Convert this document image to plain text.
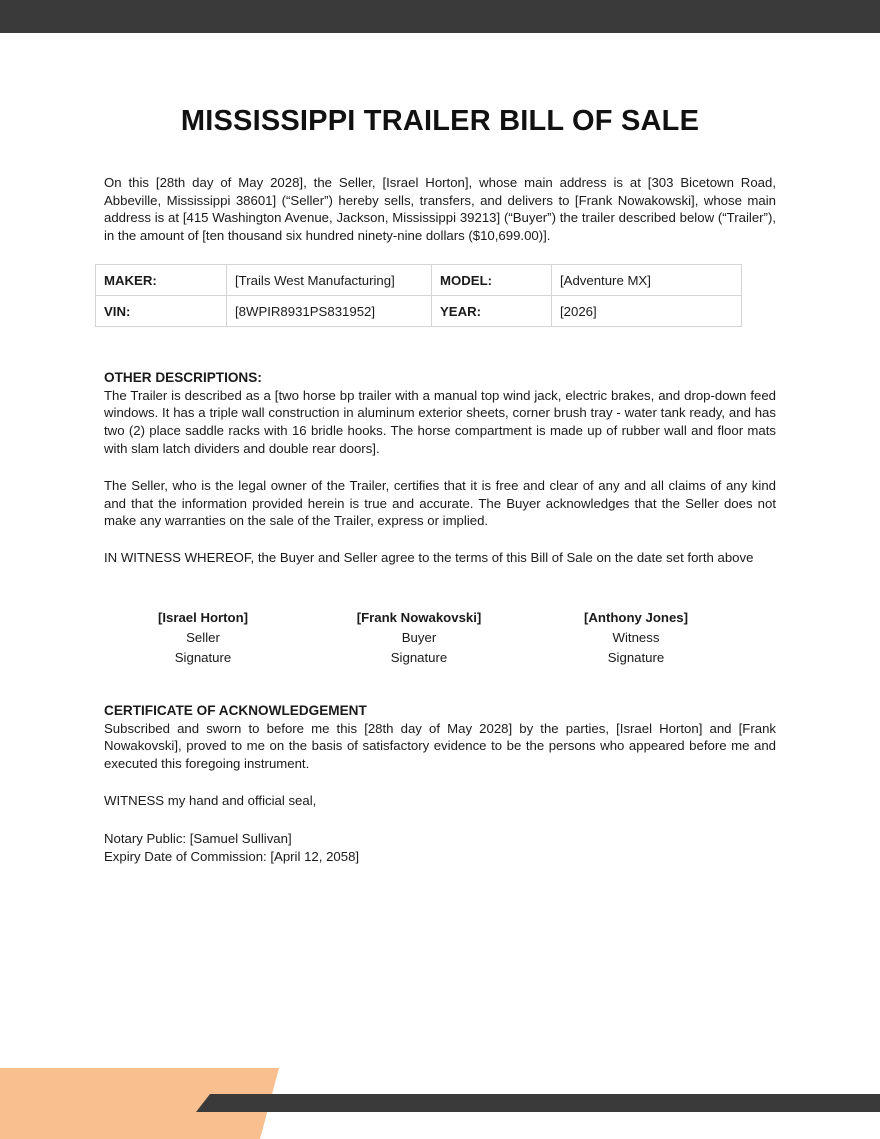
MISSISSIPPI TRAILER BILL OF SALE

On this [28th day of May 2028], the Seller, [Israel Horton], whose main address is at [303 Bicetown Road, Abbeville, Mississippi 38601] (“Seller”) hereby sells, transfers, and delivers to [Frank Nowakowski], whose main address is at [415 Washington Avenue, Jackson, Mississippi 39213] (“Buyer”) the trailer described below (“Trailer”), in the amount of [ten thousand six hundred ninety-nine dollars ($10,699.00)].

MAKER:	[Trails West Manufacturing]	MODEL:	[Adventure MX]
VIN:	[8WPIR8931PS831952]	YEAR:	[2026]

OTHER DESCRIPTIONS:

The Trailer is described as a [two horse bp trailer with a manual top wind jack, electric brakes, and drop-down feed windows. It has a triple wall construction in aluminum exterior sheets, corner brush tray - water tank ready, and has two (2) place saddle racks with 16 bridle hooks. The horse compartment is made up of rubber wall and floor mats with slam latch dividers and double rear doors].

The Seller, who is the legal owner of the Trailer, certifies that it is free and clear of any and all claims of any kind and that the information provided herein is true and accurate. The Buyer acknowledges that the Seller does not make any warranties on the sale of the Trailer, express or implied.

IN WITNESS WHEREOF, the Buyer and Seller agree to the terms of this Bill of Sale on the date set forth above

[Israel Horton]
Seller
Signature
[Frank Nowakovski]
Buyer
Signature
[Anthony Jones]
Witness
Signature

CERTIFICATE OF ACKNOWLEDGEMENT

Subscribed and sworn to before me this [28th day of May 2028] by the parties, [Israel Horton] and [Frank Nowakovski], proved to me on the basis of satisfactory evidence to be the persons who appeared before me and executed this foregoing instrument.

WITNESS my hand and official seal,

Notary Public: [Samuel Sullivan]
Expiry Date of Commission: [April 12, 2058]
